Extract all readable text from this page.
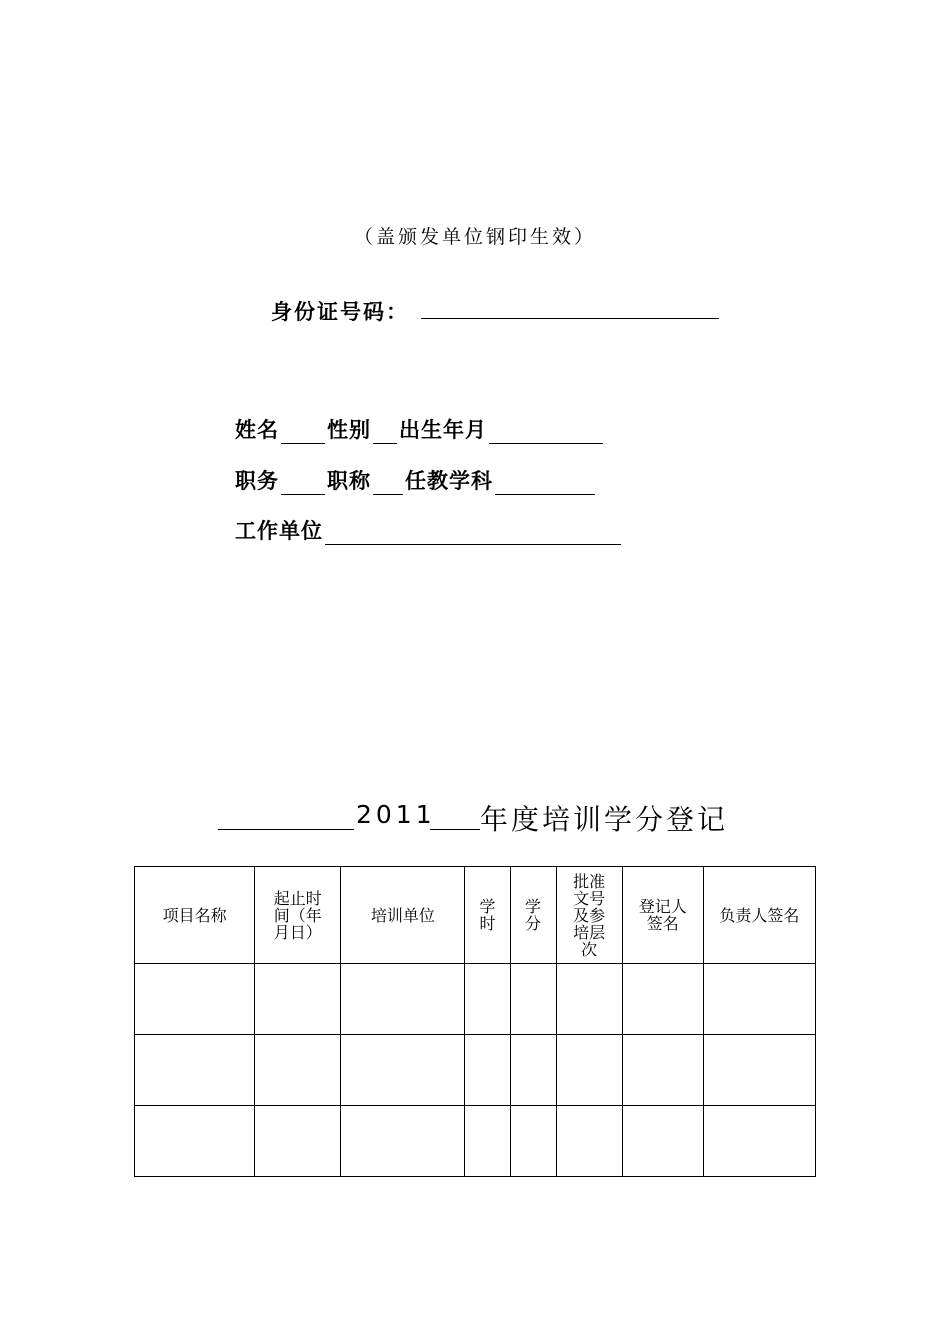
（盖颁发单位钢印生效）
身份证号码：
姓名 性别 出生年月
职务 职称 任教学科
工作单位
2011 年度培训学分登记
项目名称	起止时间（年月日）	培训单位	学时	学分	批准文号及参培层次	登记人签名	负责人签名
